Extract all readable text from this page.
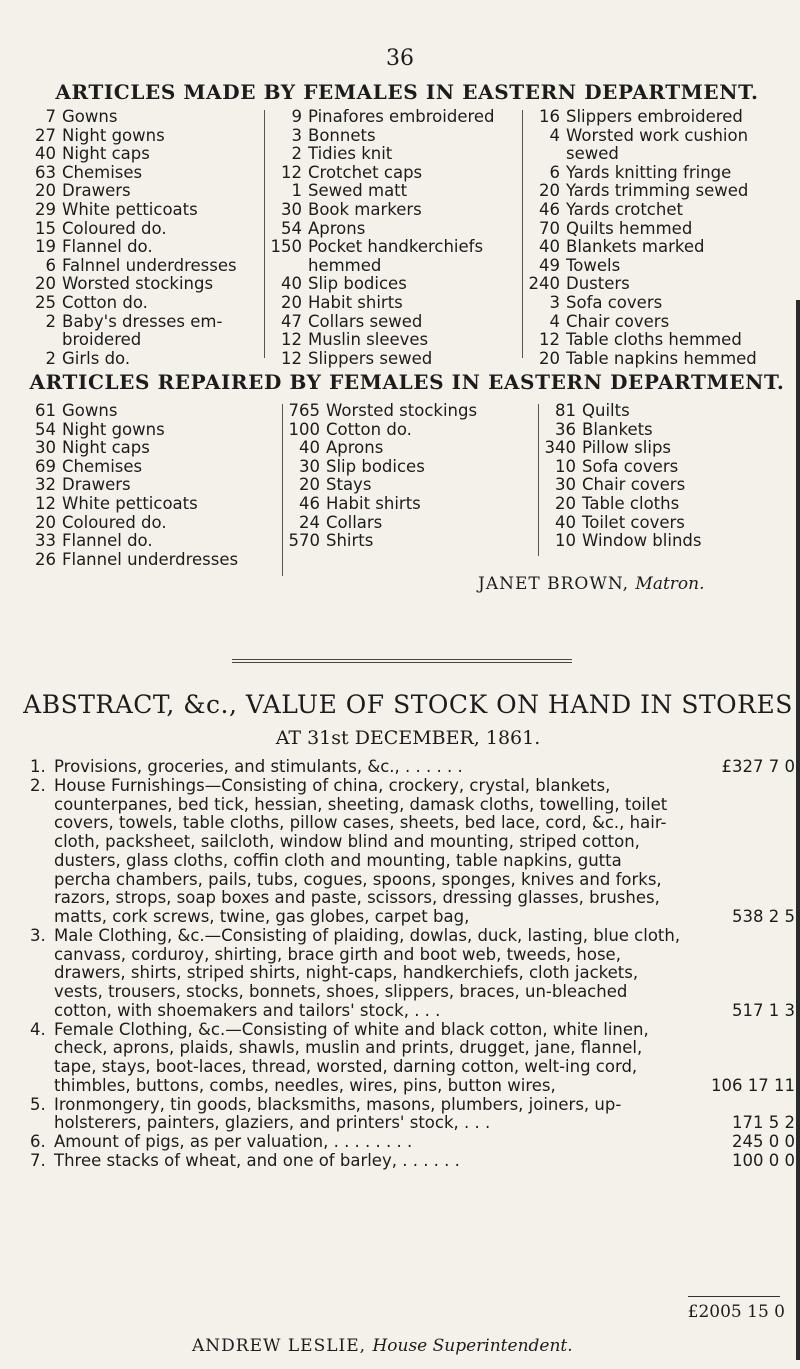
36
ARTICLES MADE BY FEMALES IN EASTERN DEPARTMENT.
7 Gowns
27 Night gowns
40 Night caps
63 Chemises
20 Drawers
29 White petticoats
15 Coloured do.
19 Flannel do.
6 Falnnel underdresses
20 Worsted stockings
25 Cotton do.
2 Baby's dresses em- broidered
2 Girls do.
9 Pinafores embroidered
3 Bonnets
2 Tidies knit
12 Crotchet caps
1 Sewed matt
30 Book markers
54 Aprons
150 Pocket handkerchiefs hemmed
40 Slip bodices
20 Habit shirts
47 Collars sewed
12 Muslin sleeves
12 Slippers sewed
16 Slippers embroidered
4 Worsted work cushion sewed
6 Yards knitting fringe
20 Yards trimming sewed
46 Yards crotchet
70 Quilts hemmed
40 Blankets marked
49 Towels
240 Dusters
3 Sofa covers
4 Chair covers
12 Table cloths hemmed
20 Table napkins hemmed
ARTICLES REPAIRED BY FEMALES IN EASTERN DEPARTMENT.
61 Gowns
54 Night gowns
30 Night caps
69 Chemises
32 Drawers
12 White petticoats
20 Coloured do.
33 Flannel do.
26 Flannel underdresses
765 Worsted stockings
100 Cotton do.
40 Aprons
30 Slip bodices
20 Stays
46 Habit shirts
24 Collars
570 Shirts
81 Quilts
36 Blankets
340 Pillow slips
10 Sofa covers
30 Chair covers
20 Table cloths
40 Toilet covers
10 Window blinds
JANET BROWN, Matron.
ABSTRACT, &c., VALUE OF STOCK ON HAND IN STORES
AT 31st DECEMBER, 1861.
1. Provisions, groceries, and stimulants, &c., . . . . . .	£327 7 0
2. House Furnishings—Consisting of china, crockery, crystal, blankets, counterpanes, bed tick, hessian, sheeting, damask cloths, towelling, toilet covers, towels, table cloths, pillow cases, sheets, bed lace, cord, &c., hair-cloth, packsheet, sailcloth, window blind and mounting, striped cotton, dusters, glass cloths, coffin cloth and mounting, table napkins, gutta percha chambers, pails, tubs, cogues, spoons, sponges, knives and forks, razors, strops, soap boxes and paste, scissors, dressing glasses, brushes, matts, cork screws, twine, gas globes, carpet bag,	538 2 5
3. Male Clothing, &c.—Consisting of plaiding, dowlas, duck, lasting, blue cloth, canvass, corduroy, shirting, brace girth and boot web, tweeds, hose, drawers, shirts, striped shirts, night-caps, handkerchiefs, cloth jackets, vests, trousers, stocks, bonnets, shoes, slippers, braces, un-bleached cotton, with shoemakers and tailors' stock, . . .	517 1 3
4. Female Clothing, &c.—Consisting of white and black cotton, white linen, check, aprons, plaids, shawls, muslin and prints, drugget, jane, flannel, tape, stays, boot-laces, thread, worsted, darning cotton, welt-ing cord, thimbles, buttons, combs, needles, wires, pins, button wires,	106 17 11
5. Ironmongery, tin goods, blacksmiths, masons, plumbers, joiners, up-holsterers, painters, glaziers, and printers' stock, . . .	171 5 2
6. Amount of pigs, as per valuation, . . . . . . . .	245 0 0
7. Three stacks of wheat, and one of barley, . . . . . .	100 0 0
£2005 15 0
ANDREW LESLIE, House Superintendent.
